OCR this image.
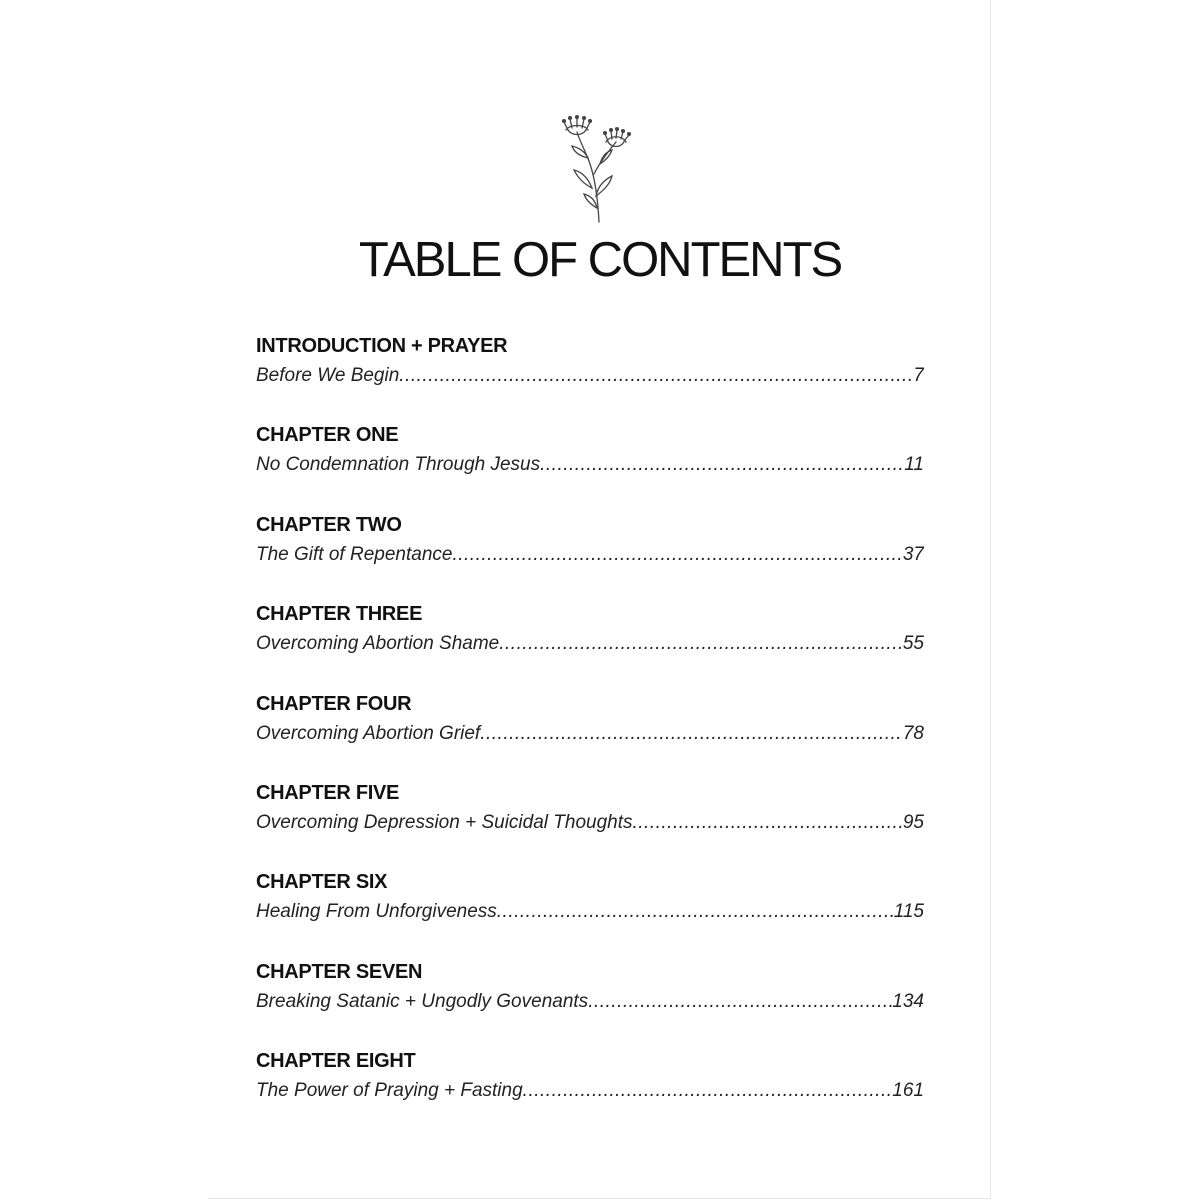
TABLE OF CONTENTS
INTRODUCTION + PRAYER
Before We Begin .....	7
CHAPTER ONE
No Condemnation Through Jesus .....	11
CHAPTER TWO
The Gift of Repentance .....	37
CHAPTER THREE
Overcoming Abortion Shame .....	55
CHAPTER FOUR
Overcoming Abortion Grief .....	78
CHAPTER FIVE
Overcoming Depression + Suicidal Thoughts .....	95
CHAPTER SIX
Healing From Unforgiveness .....	115
CHAPTER SEVEN
Breaking Satanic + Ungodly Govenants .....	134
CHAPTER EIGHT
The Power of Praying + Fasting .....	161
